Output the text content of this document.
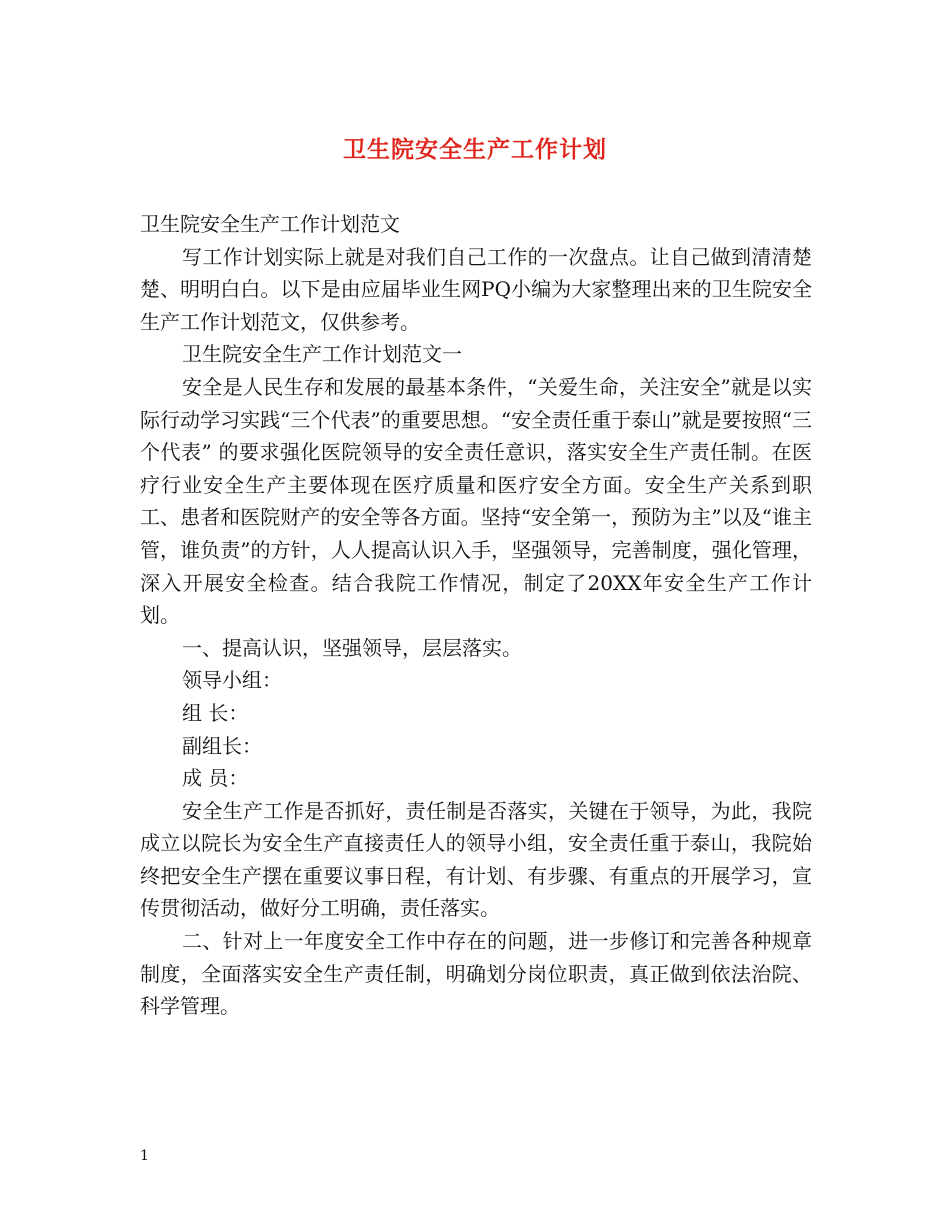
卫生院安全生产工作计划

卫生院安全生产工作计划范文

写工作计划实际上就是对我们自己工作的一次盘点。让自己做到清清楚楚、明明白白。以下是由应届毕业生网PQ小编为大家整理出来的卫生院安全生产工作计划范文，仅供参考。

卫生院安全生产工作计划范文一

安全是人民生存和发展的最基本条件，“关爱生命，关注安全”就是以实际行动学习实践“三个代表”的重要思想。“安全责任重于泰山”就是要按照“三个代表” 的要求强化医院领导的安全责任意识，落实安全生产责任制。在医疗行业安全生产主要体现在医疗质量和医疗安全方面。安全生产关系到职工、患者和医院财产的安全等各方面。坚持“安全第一，预防为主”以及“谁主管，谁负责”的方针，人人提高认识入手，坚强领导，完善制度，强化管理，深入开展安全检查。结合我院工作情况，制定了20XX年安全生产工作计划。

一、提高认识，坚强领导，层层落实。

领导小组：

组 长：

副组长：

成 员：

安全生产工作是否抓好，责任制是否落实，关键在于领导，为此，我院成立以院长为安全生产直接责任人的领导小组，安全责任重于泰山，我院始终把安全生产摆在重要议事日程，有计划、有步骤、有重点的开展学习，宣传贯彻活动，做好分工明确，责任落实。

二、针对上一年度安全工作中存在的问题，进一步修订和完善各种规章制度，全面落实安全生产责任制，明确划分岗位职责，真正做到依法治院、科学管理。

1
